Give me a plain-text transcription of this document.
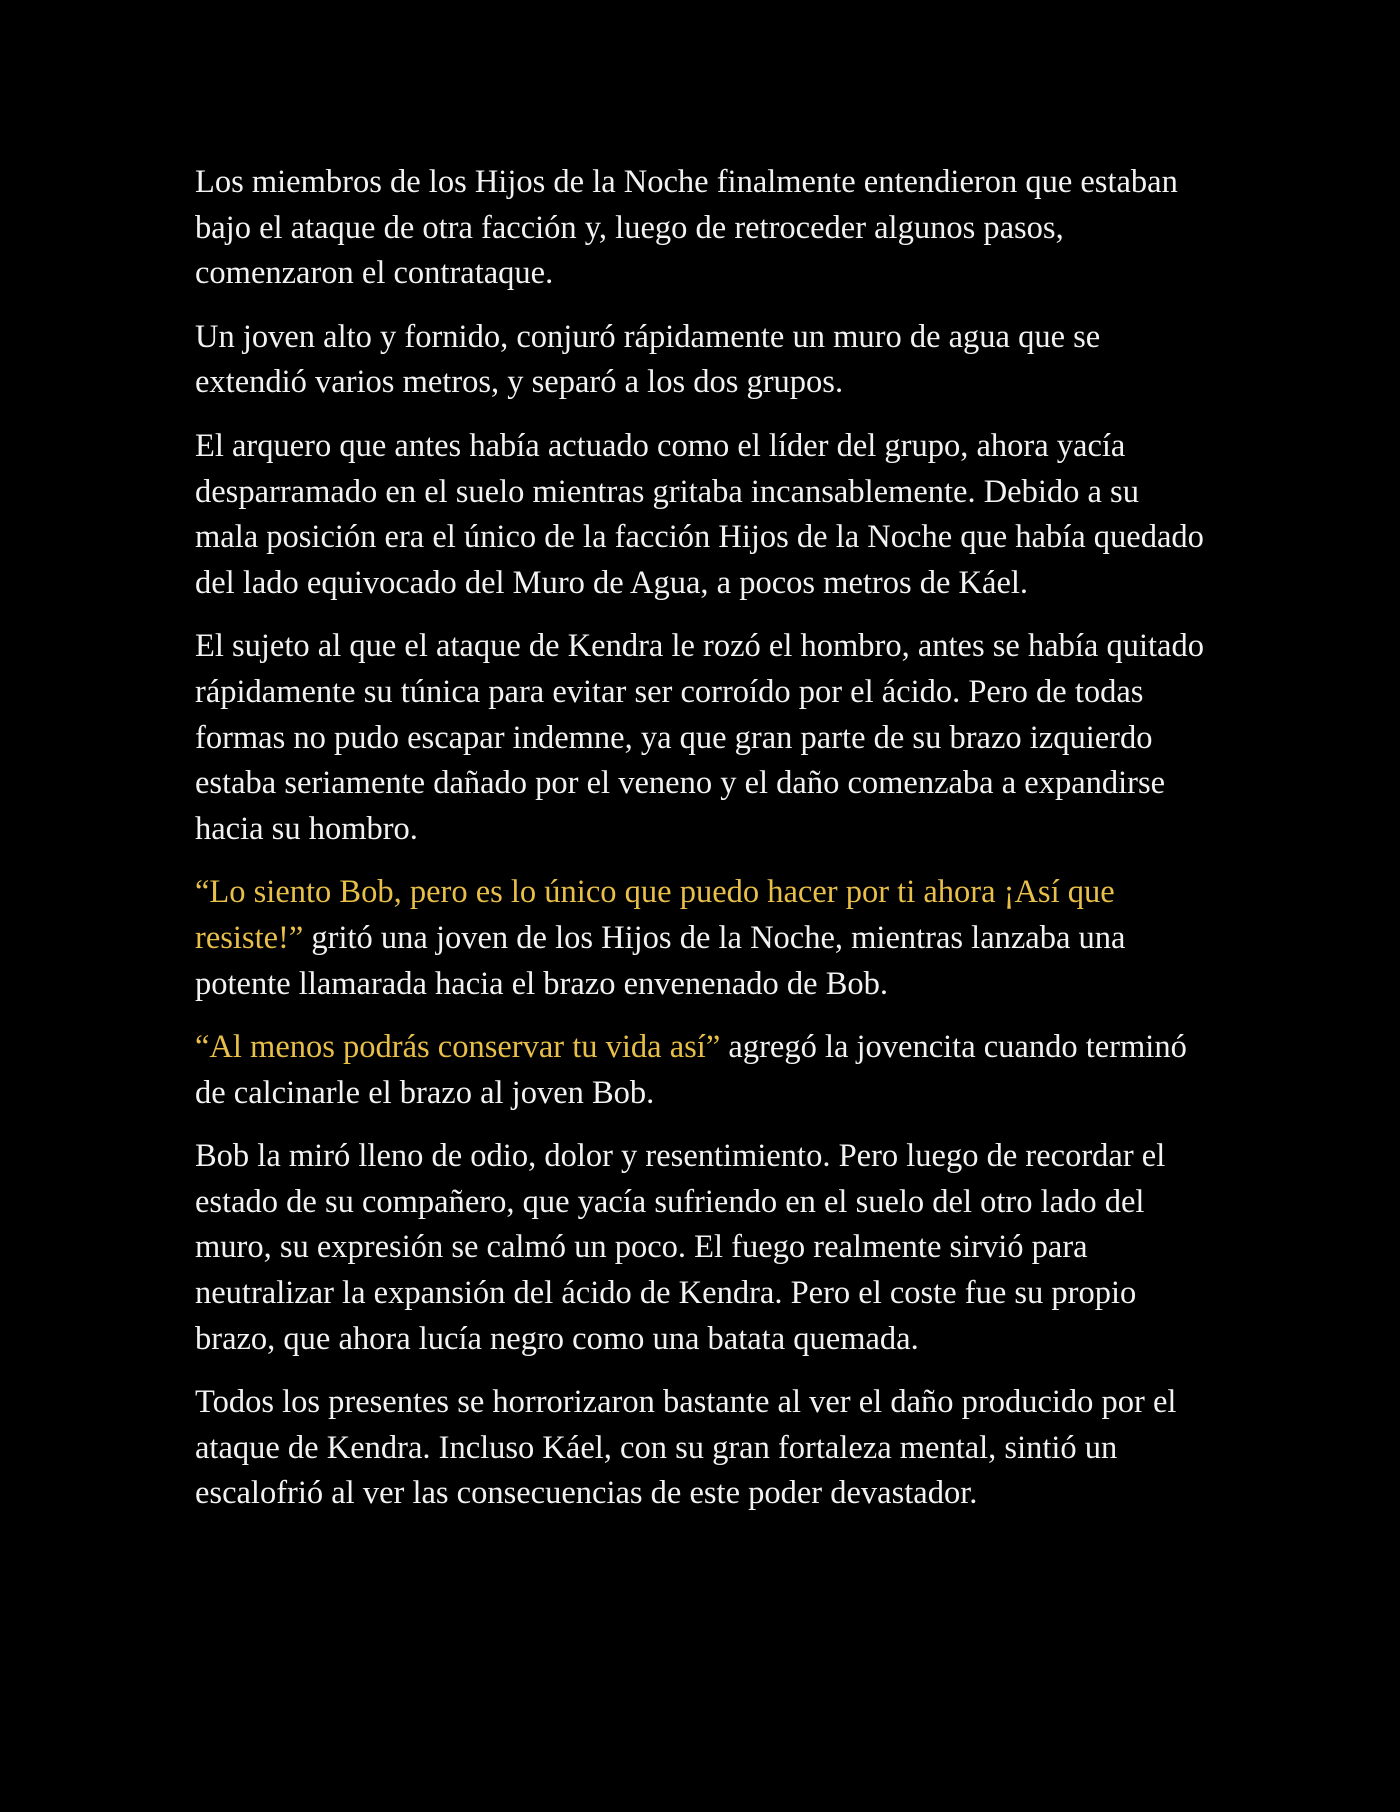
Los miembros de los Hijos de la Noche finalmente entendieron que estaban bajo el ataque de otra facción y, luego de retroceder algunos pasos, comenzaron el contrataque.

Un joven alto y fornido, conjuró rápidamente un muro de agua que se extendió varios metros, y separó a los dos grupos.

El arquero que antes había actuado como el líder del grupo, ahora yacía desparramado en el suelo mientras gritaba incansablemente. Debido a su mala posición era el único de la facción Hijos de la Noche que había quedado del lado equivocado del Muro de Agua, a pocos metros de Káel.

El sujeto al que el ataque de Kendra le rozó el hombro, antes se había quitado rápidamente su túnica para evitar ser corroído por el ácido. Pero de todas formas no pudo escapar indemne, ya que gran parte de su brazo izquierdo estaba seriamente dañado por el veneno y el daño comenzaba a expandirse hacia su hombro.

“Lo siento Bob, pero es lo único que puedo hacer por ti ahora ¡Así que resiste!” gritó una joven de los Hijos de la Noche, mientras lanzaba una potente llamarada hacia el brazo envenenado de Bob.

“Al menos podrás conservar tu vida así” agregó la jovencita cuando terminó de calcinarle el brazo al joven Bob.

Bob la miró lleno de odio, dolor y resentimiento. Pero luego de recordar el estado de su compañero, que yacía sufriendo en el suelo del otro lado del muro, su expresión se calmó un poco. El fuego realmente sirvió para neutralizar la expansión del ácido de Kendra. Pero el coste fue su propio brazo, que ahora lucía negro como una batata quemada.

Todos los presentes se horrorizaron bastante al ver el daño producido por el ataque de Kendra. Incluso Káel, con su gran fortaleza mental, sintió un escalofrió al ver las consecuencias de este poder devastador.
